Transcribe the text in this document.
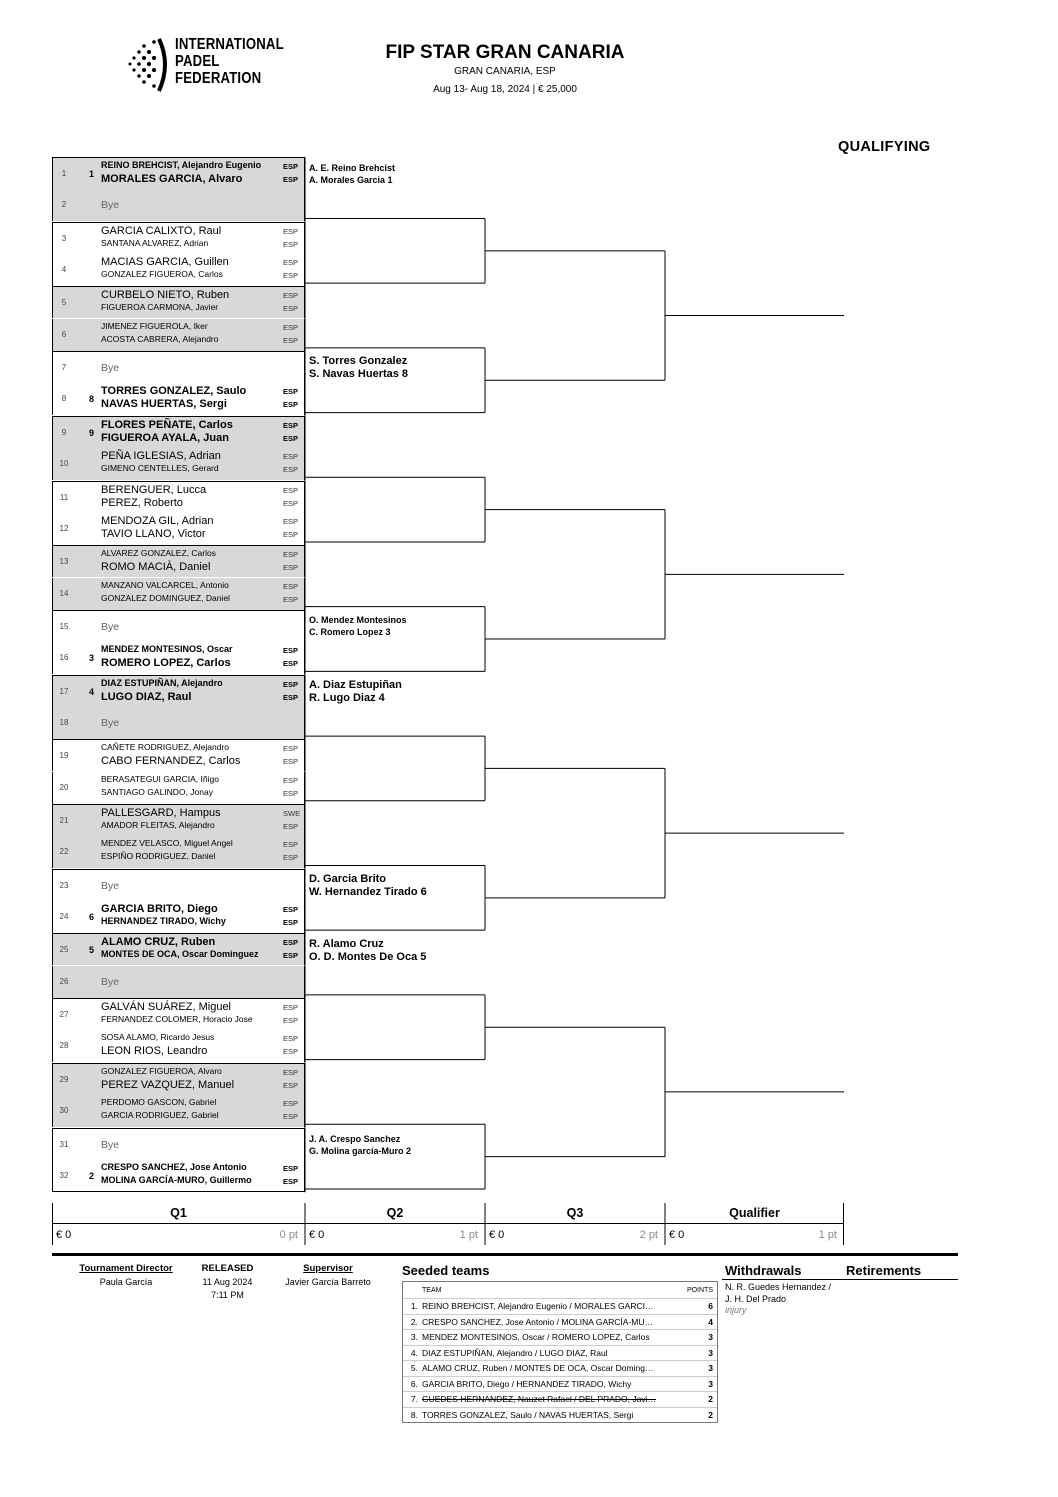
INTERNATIONAL
PADEL
FEDERATION
FIP STAR GRAN CANARIA
GRAN CANARIA, ESP
Aug 13- Aug 18, 2024 | € 25,000
QUALIFYING
1	1
REINO BREHCIST, Alejandro Eugenio
MORALES GARCIA, Alvaro
ESP
ESP
2	Bye
3
GARCIA CALIXTO, Raul
SANTANA ALVAREZ, Adrian
ESP
ESP
4
MACIAS GARCIA, Guillen
GONZALEZ FIGUEROA, Carlos
ESP
ESP
5
CURBELO NIETO, Ruben
FIGUEROA CARMONA, Javier
ESP
ESP
6
JIMENEZ FIGUEROLA, Iker
ACOSTA CABRERA, Alejandro
ESP
ESP
7	Bye
8	8
TORRES GONZALEZ, Saulo
NAVAS HUERTAS, Sergi
ESP
ESP
9	9
FLORES PEÑATE, Carlos
FIGUEROA AYALA, Juan
ESP
ESP
10
PEÑA IGLESIAS, Adrian
GIMENO CENTELLES, Gerard
ESP
ESP
11
BERENGUER, Lucca
PEREZ, Roberto
ESP
ESP
12
MENDOZA GIL, Adrian
TAVIO LLANO, Victor
ESP
ESP
13
ALVAREZ GONZALEZ, Carlos
ROMO MACIÀ, Daniel
ESP
ESP
14
MANZANO VALCARCEL, Antonio
GONZALEZ DOMINGUEZ, Daniel
ESP
ESP
15	Bye
16	3
MENDEZ MONTESINOS, Oscar
ROMERO LOPEZ, Carlos
ESP
ESP
17	4
DIAZ ESTUPIÑAN, Alejandro
LUGO DIAZ, Raul
ESP
ESP
18	Bye
19
CAÑETE RODRIGUEZ, Alejandro
CABO FERNANDEZ, Carlos
ESP
ESP
20
BERASATEGUI GARCIA, Iñigo
SANTIAGO GALINDO, Jonay
ESP
ESP
21
PALLESGARD, Hampus
AMADOR FLEITAS, Alejandro
SWE
ESP
22
MENDEZ VELASCO, Miguel Angel
ESPIÑO RODRIGUEZ, Daniel
ESP
ESP
23	Bye
24	6
GARCIA BRITO, Diego
HERNANDEZ TIRADO, Wichy
ESP
ESP
25	5
ALAMO CRUZ, Ruben
MONTES DE OCA, Oscar Dominguez
ESP
ESP
26	Bye
27
GALVÁN SUÁREZ, Miguel
FERNANDEZ COLOMER, Horacio Jose
ESP
ESP
28
SOSA ALAMO, Ricardo Jesus
LEON RIOS, Leandro
ESP
ESP
29
GONZALEZ FIGUEROA, Alvaro
PEREZ VAZQUEZ, Manuel
ESP
ESP
30
PERDOMO GASCON, Gabriel
GARCIA RODRIGUEZ, Gabriel
ESP
ESP
31	Bye
32	2
CRESPO SANCHEZ, Jose Antonio
MOLINA GARCÍA-MURO, Guillermo
ESP
ESP
A. E. Reino Brehcist
A. Morales Garcia 1
S. Torres Gonzalez
S. Navas Huertas 8
O. Mendez Montesinos
C. Romero Lopez 3
A. Diaz Estupiñan
R. Lugo Diaz 4
D. Garcia Brito
W. Hernandez Tirado 6
R. Alamo Cruz
O. D. Montes De Oca 5
J. A. Crespo Sanchez
G. Molina garcía-Muro 2
Q1
€ 0	0 pt
Q2
€ 0	1 pt
Q3
€ 0	2 pt
Qualifier
€ 0	1 pt
Tournament Director
Paula García
RELEASED
11 Aug 2024
7:11 PM
Supervisor
Javier García Barreto
Seeded teams
TEAM	POINTS
1. REINO BREHCIST, Alejandro Eugenio / MORALES GARCI…	6
2. CRESPO SANCHEZ, Jose Antonio / MOLINA GARCÍA-MU…	4
3. MENDEZ MONTESINOS, Oscar / ROMERO LOPEZ, Carlos	3
4. DIAZ ESTUPIÑAN, Alejandro / LUGO DIAZ, Raul	3
5. ALAMO CRUZ, Ruben / MONTES DE OCA, Oscar Doming…	3
6. GARCIA BRITO, Diego / HERNANDEZ TIRADO, Wichy	3
7. GUEDES HERNANDEZ, Nauzet Rafael / DEL PRADO, Javi…	2
8. TORRES GONZALEZ, Saulo / NAVAS HUERTAS, Sergi	2
Withdrawals	Retirements
N. R. Guedes Hernandez / J. H. Del Prado
injury
